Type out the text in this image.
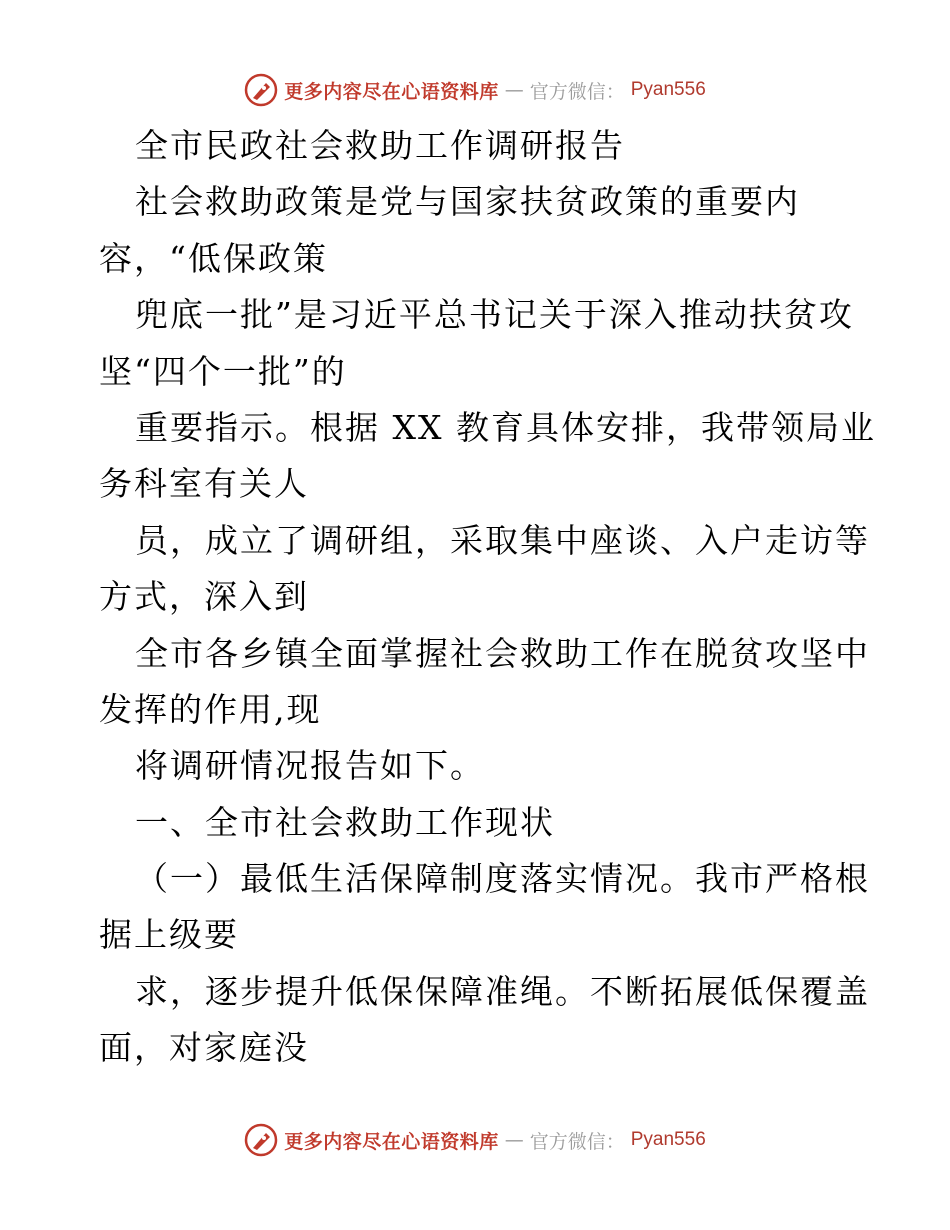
更多内容尽在心语资料库 — 官方微信： Pyan556
全市民政社会救助工作调研报告
社会救助政策是党与国家扶贫政策的重要内
容，“低保政策
兜底一批”是习近平总书记关于深入推动扶贫攻
坚“四个一批”的
重要指示。根据 XX 教育具体安排，我带领局业
务科室有关人
员，成立了调研组，采取集中座谈、入户走访等
方式，深入到
全市各乡镇全面掌握社会救助工作在脱贫攻坚中
发挥的作用,现
将调研情况报告如下。
一、全市社会救助工作现状
（一）最低生活保障制度落实情况。我市严格根
据上级要
求，逐步提升低保保障准绳。不断拓展低保覆盖
面，对家庭没
更多内容尽在心语资料库 — 官方微信： Pyan556
